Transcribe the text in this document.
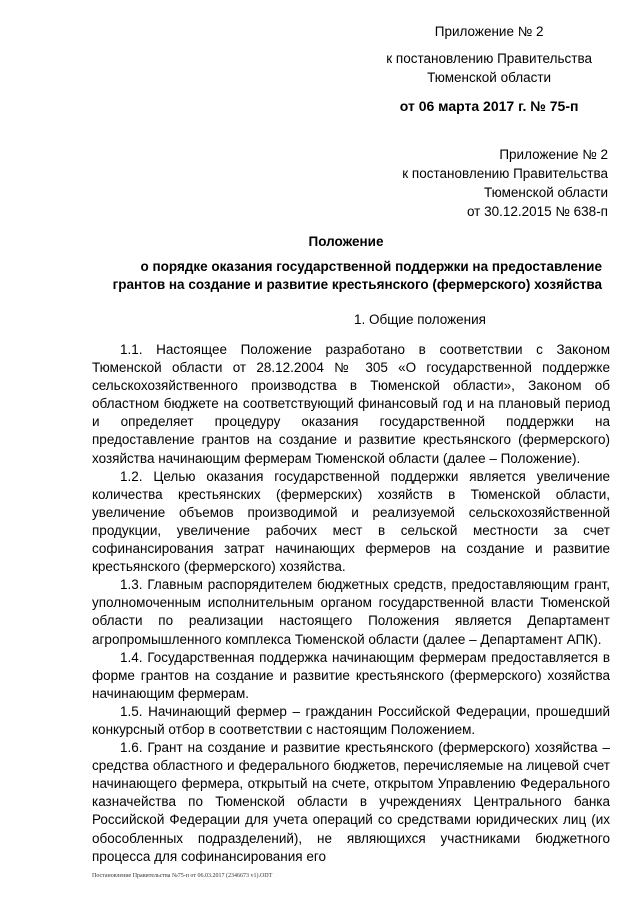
Приложение № 2
к постановлению Правительства
Тюменской области
от 06 марта 2017 г. № 75-п
Приложение № 2
к постановлению Правительства
Тюменской области
от 30.12.2015 № 638-п
Положение
о порядке оказания государственной поддержки на предоставление
грантов на создание и развитие крестьянского (фермерского) хозяйства
1. Общие положения

1.1. Настоящее Положение разработано в соответствии с Законом Тюменской области от 28.12.2004 № 305 «О государственной поддержке сельскохозяйственного производства в Тюменской области», Законом об областном бюджете на соответствующий финансовый год и на плановый период и определяет процедуру оказания государственной поддержки на предоставление грантов на создание и развитие крестьянского (фермерского) хозяйства начинающим фермерам Тюменской области (далее – Положение).

1.2. Целью оказания государственной поддержки является увеличение количества крестьянских (фермерских) хозяйств в Тюменской области, увеличение объемов производимой и реализуемой сельскохозяйственной продукции, увеличение рабочих мест в сельской местности за счет софинансирования затрат начинающих фермеров на создание и развитие крестьянского (фермерского) хозяйства.

1.3. Главным распорядителем бюджетных средств, предоставляющим грант, уполномоченным исполнительным органом государственной власти Тюменской области по реализации настоящего Положения является Департамент агропромышленного комплекса Тюменской области (далее – Департамент АПК).

1.4. Государственная поддержка начинающим фермерам предоставляется в форме грантов на создание и развитие крестьянского (фермерского) хозяйства начинающим фермерам.

1.5. Начинающий фермер – гражданин Российской Федерации, прошедший конкурсный отбор в соответствии с настоящим Положением.

1.6. Грант на создание и развитие крестьянского (фермерского) хозяйства – средства областного и федерального бюджетов, перечисляемые на лицевой счет начинающего фермера, открытый на счете, открытом Управлению Федерального казначейства по Тюменской области в учреждениях Центрального банка Российской Федерации для учета операций со средствами юридических лиц (их обособленных подразделений), не являющихся участниками бюджетного процесса для софинансирования его

Постановление Правительства №75-п от 06.03.2017 (2346673 v1).ODT
